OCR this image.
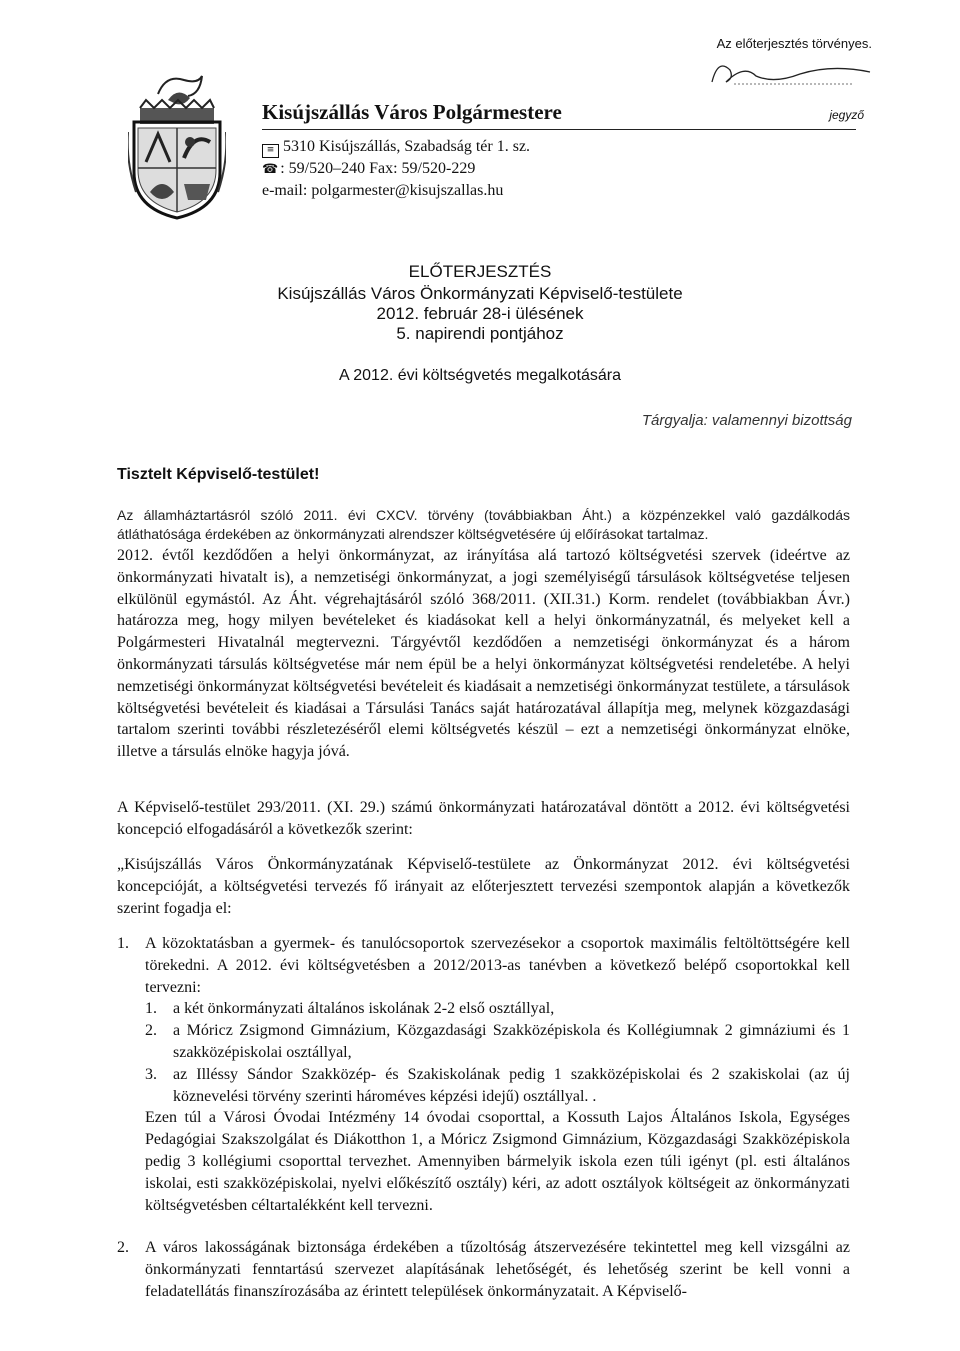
Kisújszállás Város Polgármestere
≡ 5310 Kisújszállás, Szabadság tér 1. sz.
☎ : 59/520–240 Fax: 59/520-229
e-mail: polgarmester@kisujszallas.hu
Az előterjesztés törvényes.
jegyző
ELŐTERJESZTÉS
Kisújszállás Város Önkormányzati Képviselő-testülete
2012. február 28-i ülésének
5. napirendi pontjához
A 2012. évi költségvetés megalkotására
Tárgyalja: valamennyi bizottság
Tisztelt Képviselő-testület!

Az államháztartásról szóló 2011. évi CXCV. törvény (továbbiakban Áht.) a közpénzekkel való gazdálkodás átláthatósága érdekében az önkormányzati alrendszer költségvetésére új előírásokat tartalmaz.

2012. évtől kezdődően a helyi önkormányzat, az irányítása alá tartozó költségvetési szervek (ideértve az önkormányzati hivatalt is), a nemzetiségi önkormányzat, a jogi személyiségű társulások költségvetése teljesen elkülönül egymástól. Az Áht. végrehajtásáról szóló 368/2011. (XII.31.) Korm. rendelet (továbbiakban Ávr.) határozza meg, hogy milyen bevételeket és kiadásokat kell a helyi önkormányzatnál, és melyeket kell a Polgármesteri Hivatalnál megtervezni. Tárgyévtől kezdődően a nemzetiségi önkormányzat és a három önkormányzati társulás költségvetése már nem épül be a helyi önkormányzat költségvetési rendeletébe. A helyi nemzetiségi önkormányzat költségvetési bevételeit és kiadásait a nemzetiségi önkormányzat testülete, a társulások költségvetési bevételeit és kiadásai a Társulási Tanács saját határozatával állapítja meg, melynek közgazdasági tartalom szerinti további részletezéséről elemi költségvetés készül – ezt a nemzetiségi önkormányzat elnöke, illetve a társulás elnöke hagyja jóvá.

A Képviselő-testület 293/2011. (XI. 29.) számú önkormányzati határozatával döntött a 2012. évi költségvetési koncepció elfogadásáról a következők szerint:

„Kisújszállás Város Önkormányzatának Képviselő-testülete az Önkormányzat 2012. évi költségvetési koncepcióját, a költségvetési tervezés fő irányait az előterjesztett tervezési szempontok alapján a következők szerint fogadja el:

1.	A közoktatásban a gyermek- és tanulócsoportok szervezésekor a csoportok maximális feltöltöttségére kell törekedni. A 2012. évi költségvetésben a 2012/2013-as tanévben a következő belépő csoportokkal kell tervezni:
1.	a két önkormányzati általános iskolának 2-2 első osztállyal,
2.	a Móricz Zsigmond Gimnázium, Közgazdasági Szakközépiskola és Kollégiumnak 2 gimnáziumi és 1 szakközépiskolai osztállyal,
3.	az Illéssy Sándor Szakközép- és Szakiskolának pedig 1 szakközépiskolai és 2 szakiskolai (az új köznevelési törvény szerinti hároméves képzési idejű) osztállyal. .
Ezen túl a Városi Óvodai Intézmény 14 óvodai csoporttal, a Kossuth Lajos Általános Iskola, Egységes Pedagógiai Szakszolgálat és Diákotthon 1, a Móricz Zsigmond Gimnázium, Közgazdasági Szakközépiskola pedig 3 kollégiumi csoporttal tervezhet. Amennyiben bármelyik iskola ezen túli igényt (pl. esti általános iskolai, esti szakközépiskolai, nyelvi előkészítő osztály) kéri, az adott osztályok költségeit az önkormányzati költségvetésben céltartalékként kell tervezni.
2.	A város lakosságának biztonsága érdekében a tűzoltóság átszervezésére tekintettel meg kell vizsgálni az önkormányzati fenntartású szervezet alapításának lehetőségét, és lehetőség szerint be kell vonni a feladatellátás finanszírozásába az érintett települések önkormányzatait. A Képviselő-
